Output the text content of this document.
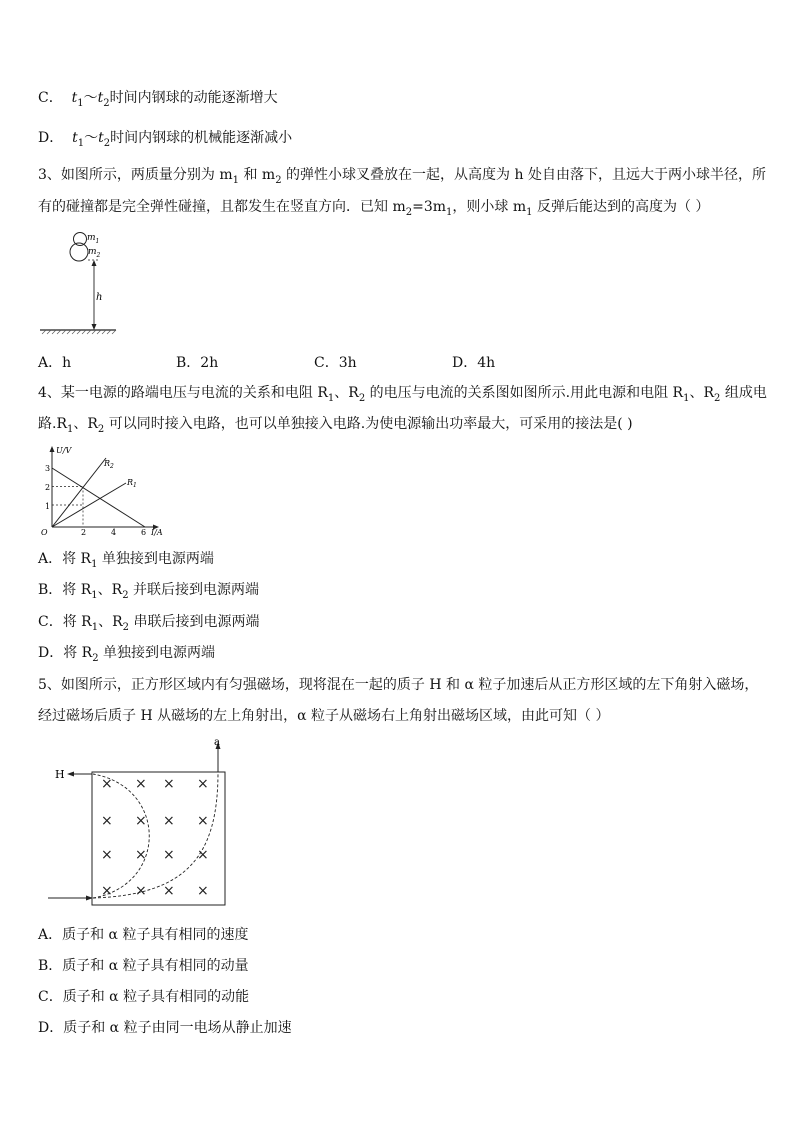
C． $t_1\sim t_2$时间内钢球的动能逐渐增大
D． $t_1\sim t_2$时间内钢球的机械能逐渐减小
3、如图所示，两质量分别为 $m_1$ 和 $m_2$ 的弹性小球叉叠放在一起，从高度为 h 处自由落下，且远大于两小球半径，所
有的碰撞都是完全弹性碰撞，且都发生在竖直方向．已知 $m_2=3m_1$，则小球 $m_1$ 反弹后能达到的高度为（ ）
$m_1$
$m_2$
h
A．h	B．2h	C．3h	D．4h
4、某一电源的路端电压与电流的关系和电阻 $R_1$、$R_2$ 的电压与电流的关系图如图所示.用此电源和电阻 $R_1$、$R_2$ 组成电
路$.R_1$、$R_2$ 可以同时接入电路，也可以单独接入电路.为使电源输出功率最大，可采用的接法是( )
U/V
I/A
O
1
2
3
2	4	6
$R_2$
$R_1$
A．将 $R_1$ 单独接到电源两端
B．将 $R_1$、$R_2$ 并联后接到电源两端
C．将 $R_1$、$R_2$ 串联后接到电源两端
D．将 $R_2$ 单独接到电源两端
5、如图所示，正方形区域内有匀强磁场，现将混在一起的质子 H 和 α 粒子加速后从正方形区域的左下角射入磁场，
经过磁场后质子 H 从磁场的左上角射出，α 粒子从磁场右上角射出磁场区域，由此可知（ ）
H
a
× × × ×
× × × ×
× × × ×
× × × ×
A．质子和 α 粒子具有相同的速度
B．质子和 α 粒子具有相同的动量
C．质子和 α 粒子具有相同的动能
D．质子和 α 粒子由同一电场从静止加速
